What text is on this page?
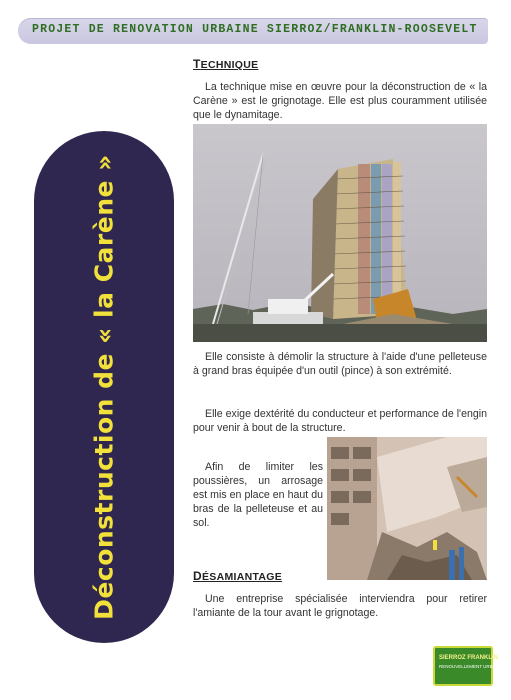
PROJET DE RENOVATION URBAINE SIERROZ/FRANKLIN-ROOSEVELT
Déconstruction de « la Carène »
TECHNIQUE
La technique mise en œuvre pour la déconstruction de « la Carène » est le grignotage. Elle est plus couramment utilisée que le dynamitage.
Elle consiste à démolir la structure à l'aide d'une pelleteuse à grand bras équipée d'un outil (pince) à son extrémité.
Elle exige dextérité du conducteur et performance de l'engin pour venir à bout de la structure.
Afin de limiter les poussières, un arrosage est mis en place en haut du bras de la pelleteuse et au sol.
DÉSAMIANTAGE
Une entreprise spécialisée interviendra pour retirer l'amiante de la tour avant le grignotage.
SIERROZ FRANKLIN
RENOUVELLEMENT URBAIN
